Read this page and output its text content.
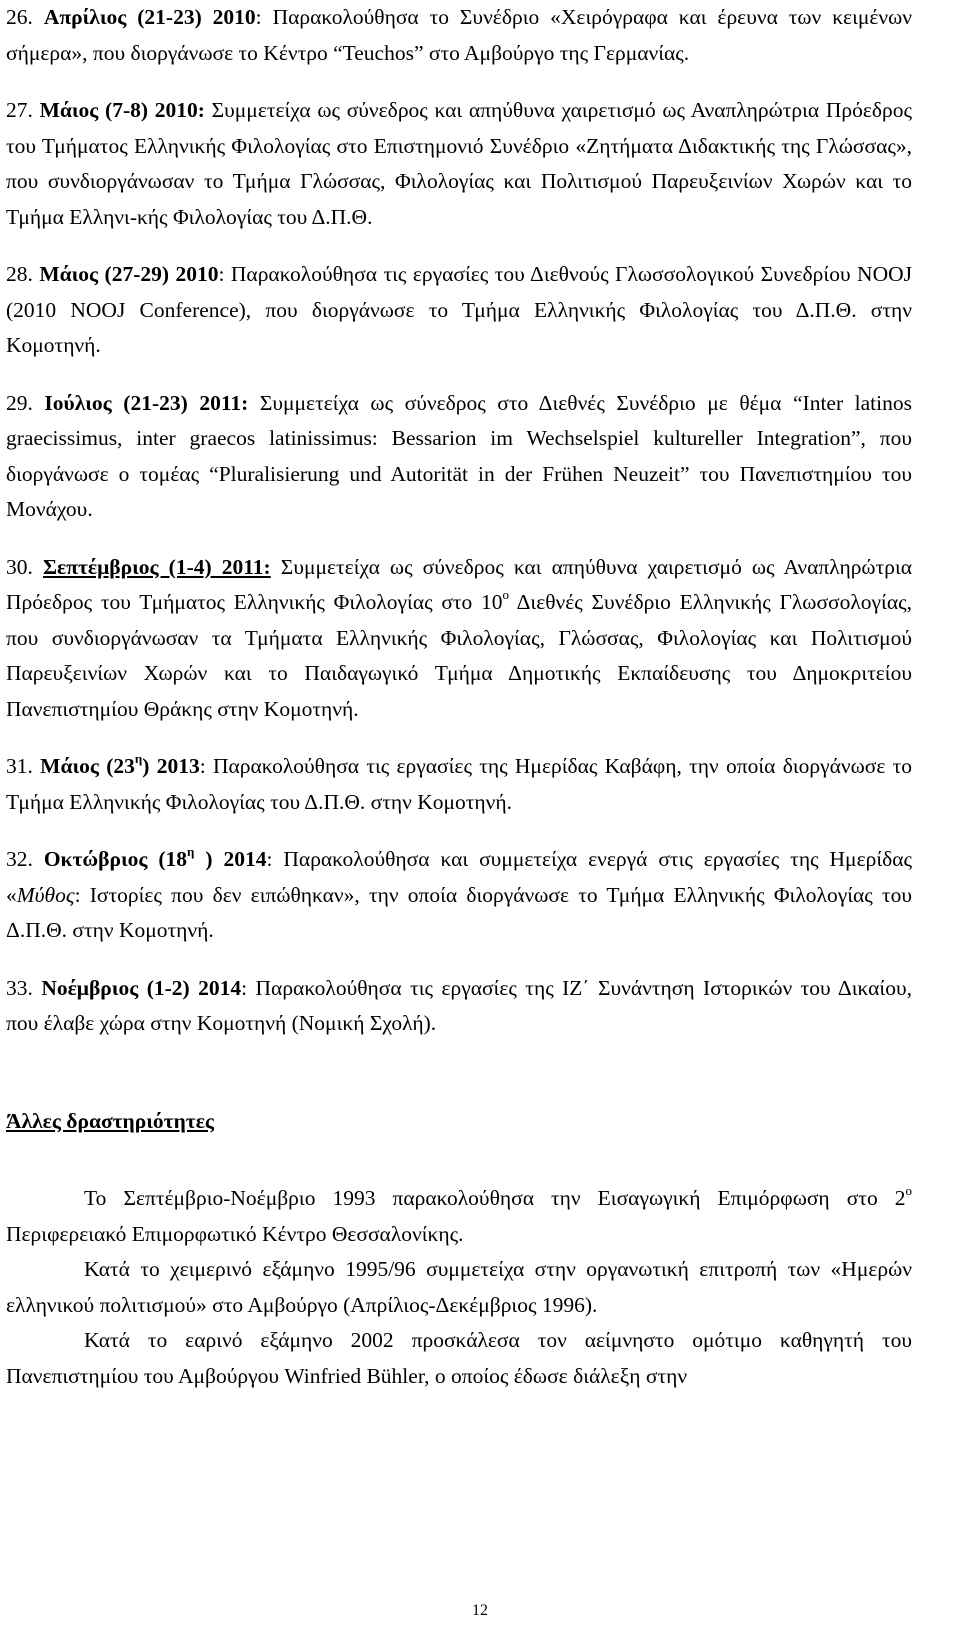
26. Απρίλιος (21-23) 2010: Παρακολούθησα το Συνέδριο «Χειρόγραφα και έρευνα των κειμένων σήμερα», που διοργάνωσε το Κέντρο “Teuchos” στο Αμβούργο της Γερμανίας.

27. Μάιος (7-8) 2010: Συμμετείχα ως σύνεδρος και απηύθυνα χαιρετισμό ως Αναπληρώτρια Πρόεδρος του Τμήματος Ελληνικής Φιλολογίας στο Επιστημονιό Συνέδριο «Ζητήματα Διδακτικής της Γλώσσας», που συνδιοργάνωσαν το Τμήμα Γλώσσας, Φιλολογίας και Πολιτισμού Παρευξεινίων Χωρών και το Τμήμα Ελληνι-κής Φιλολογίας του Δ.Π.Θ.

28. Μάιος (27-29) 2010: Παρακολούθησα τις εργασίες του Διεθνούς Γλωσσολογικού Συνεδρίου NOOJ (2010 NOOJ Conference), που διοργάνωσε το Τμήμα Ελληνικής Φιλολογίας του Δ.Π.Θ. στην Κομοτηνή.

29. Ιούλιος (21-23) 2011: Συμμετείχα ως σύνεδρος στο Διεθνές Συνέδριο με θέμα “Inter latinos graecissimus, inter graecos latinissimus: Bessarion im Wechselspiel kultureller Integration”, που διοργάνωσε ο τομέας “Pluralisierung und Autorität in der Frühen Neuzeit” του Πανεπιστημίου του Μονάχου.

30. Σεπτέμβριος (1-4) 2011: Συμμετείχα ως σύνεδρος και απηύθυνα χαιρετισμό ως Αναπληρώτρια Πρόεδρος του Τμήματος Ελληνικής Φιλολογίας στο $10^o$ Διεθνές Συνέδριο Ελληνικής Γλωσσολογίας, που συνδιοργάνωσαν τα Τμήματα Ελληνικής Φιλολογίας, Γλώσσας, Φιλολογίας και Πολιτισμού Παρευξεινίων Χωρών και το Παιδαγωγικό Τμήμα Δημοτικής Εκπαίδευσης του Δημοκριτείου Πανεπιστημίου Θράκης στην Κομοτηνή.

31. Μάιος $(23^\eta)$ 2013: Παρακολούθησα τις εργασίες της Ημερίδας Καβάφη, την οποία διοργάνωσε το Τμήμα Ελληνικής Φιλολογίας του Δ.Π.Θ. στην Κομοτηνή.

32. Οκτώβριος ($18^\eta$ ) 2014: Παρακολούθησα και συμμετείχα ενεργά στις εργασίες της Ημερίδας «Μύθος: Ιστορίες που δεν ειπώθηκαν», την οποία διοργάνωσε το Τμήμα Ελληνικής Φιλολογίας του Δ.Π.Θ. στην Κομοτηνή.

33. Νοέμβριος (1-2) 2014: Παρακολούθησα τις εργασίες της ΙΖ΄ Συνάντηση Ιστορικών του Δικαίου, που έλαβε χώρα στην Κομοτηνή (Νομική Σχολή).

Άλλες δραστηριότητες

Το Σεπτέμβριο-Νοέμβριο 1993 παρακολούθησα την Εισαγωγική Επιμόρφωση στο $2^o$ Περιφερειακό Επιμορφωτικό Κέντρο Θεσσαλονίκης.

Κατά το χειμερινό εξάμηνο 1995/96 συμμετείχα στην οργανωτική επιτροπή των «Ημερών ελληνικού πολιτισμού» στο Αμβούργο (Απρίλιος-Δεκέμβριος 1996).

Κατά το εαρινό εξάμηνο 2002 προσκάλεσα τον αείμνηστο ομότιμο καθηγητή του Πανεπιστημίου του Αμβούργου Winfried Bühler, ο οποίος έδωσε διάλεξη στην

12
